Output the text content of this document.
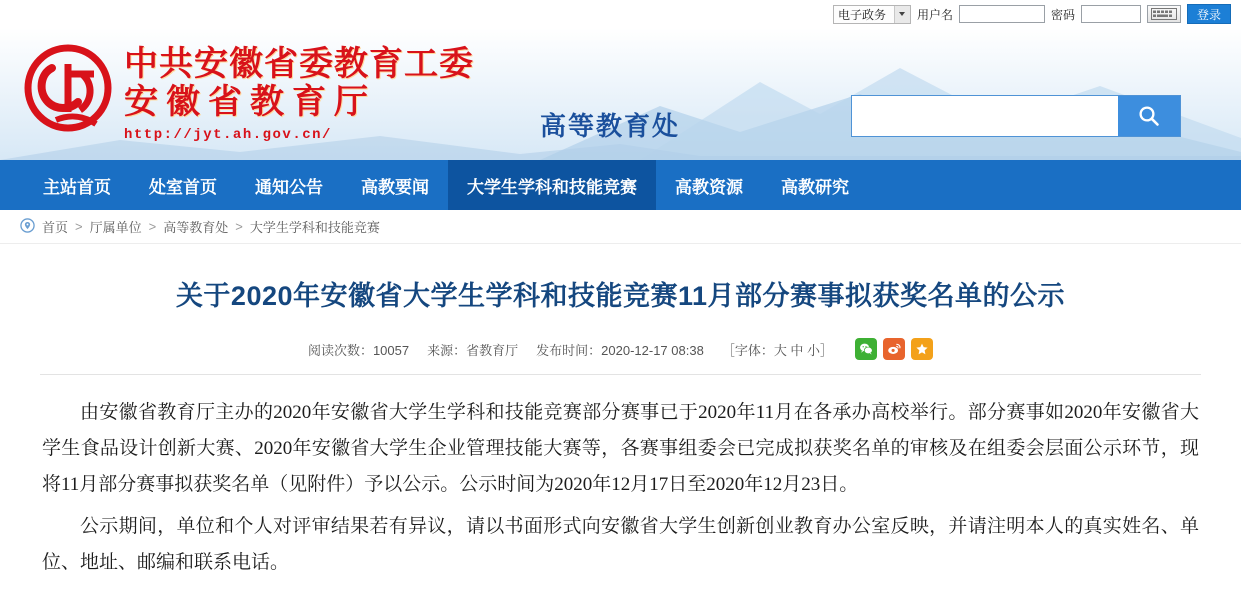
电子政务	用户名	密码	登录
中共安徽省委教育工委
安徽省教育厅
http://jyt.ah.gov.cn/	高等教育处
主站首页 处室首页 通知公告 高教要闻 大学生学科和技能竞赛 高教资源 高教研究
首页 > 厅属单位 > 高等教育处 > 大学生学科和技能竞赛
关于2020年安徽省大学生学科和技能竞赛11月部分赛事拟获奖名单的公示
阅读次数：10057 来源：省教育厅 发布时间：2020-12-17 08:38 ［字体：大 中 小］

由安徽省教育厅主办的2020年安徽省大学生学科和技能竞赛部分赛事已于2020年11月在各承办高校举行。部分赛事如2020年安徽省大学生食品设计创新大赛、2020年安徽省大学生企业管理技能大赛等，各赛事组委会已完成拟获奖名单的审核及在组委会层面公示环节，现将11月部分赛事拟获奖名单（见附件）予以公示。公示时间为2020年12月17日至2020年12月23日。

公示期间，单位和个人对评审结果若有异议，请以书面形式向安徽省大学生创新创业教育办公室反映，并请注明本人的真实姓名、单位、地址、邮编和联系电话。
